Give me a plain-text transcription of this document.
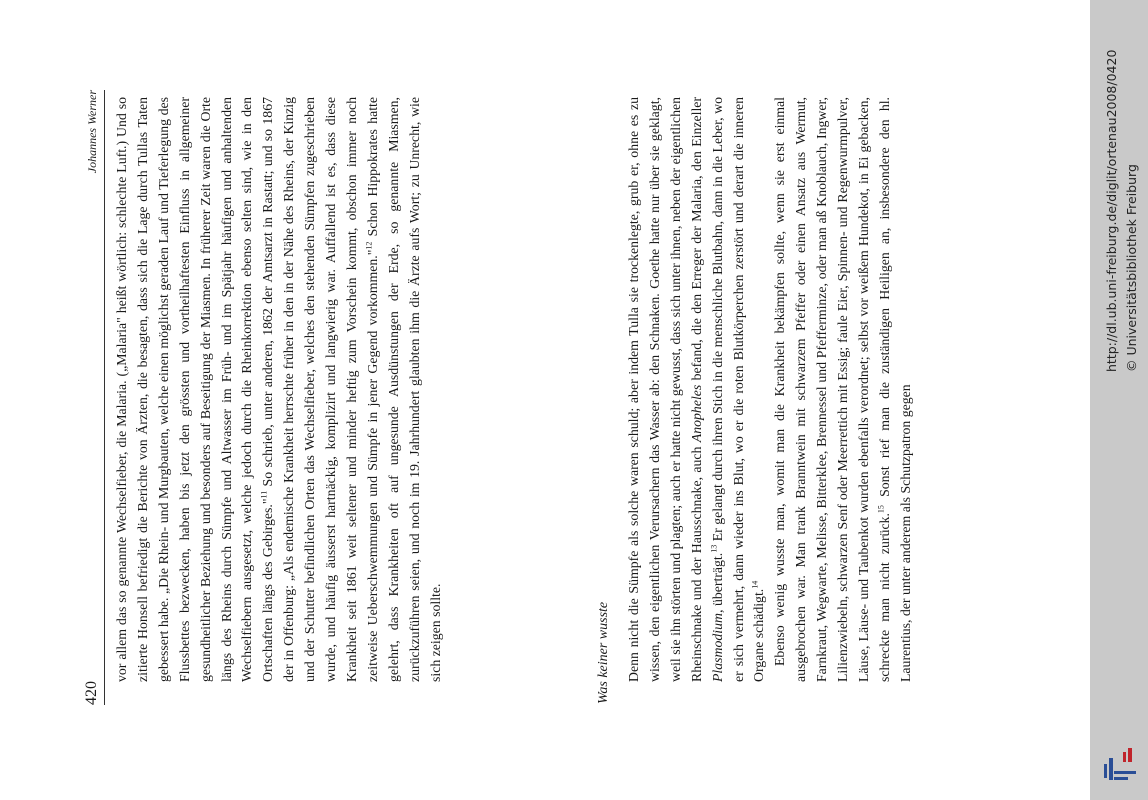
420
Johannes Werner vor allem das so genannte Wechselfieber, die Malaria. („Malaria" heißt wörtlich: schlechte Luft.) Und so zitierte Honsell befriedigt die Berichte von Ärzten, die besagten, dass sich die Lage durch Tullas Taten gebessert habe. „Die Rhein- und Murgbauten, welche einen möglichst geraden Lauf und Tieferlegung des Flussbettes bezwecken, haben bis jetzt den grössten und vortheilhaftesten Einfluss in allgemeiner gesundheitlicher Beziehung und besonders auf Beseitigung der Miasmen. In früherer Zeit waren die Orte längs des Rheins durch Sümpfe und Altwasser im Früh- und im Spätjahr häufigen und anhaltenden Wechselfiebern ausgesetzt, welche jedoch durch die Rheinkorrektion ebenso selten sind, wie in den Ortschaften längs des Gebirges."$^{11}$ So schrieb, unter anderen, 1862 der Amtsarzt in Rastatt; und so 1867 der in Offenburg: „Als endemische Krankheit herrschte früher in den in der Nähe des Rheins, der Kinzig und der Schutter befindlichen Orten das Wechselfieber, welches den stehenden Sümpfen zugeschrieben wurde, und häufig äusserst hartnäckig, komplizirt und langwierig war. Auffallend ist es, dass diese Krankheit seit 1861 weit seltener und minder heftig zum Vorschein kommt, obschon immer noch zeitweise Ueberschwemmungen und Sümpfe in jener Gegend vorkommen."$^{12}$ Schon Hippokrates hatte gelehrt, dass Krankheiten oft auf ungesunde Ausdünstungen der Erde, so genannte Miasmen, zurückzuführen seien, und noch im 19. Jahrhundert glaubten ihm die Ärzte aufs Wort; zu Unrecht, wie sich zeigen sollte.	Was keiner wusste Denn nicht die Sümpfe als solche waren schuld; aber indem Tulla sie trockenlegte, grub er, ohne es zu wissen, den eigentlichen Verursachern das Wasser ab: den Schnaken. Goethe hatte nur über sie geklagt, weil sie ihn störten und plagten; auch er hatte nicht gewusst, dass sich unter ihnen, neben der eigentlichen Rheinschnake und der Hausschnake, auch Anopheles befand, die den Erreger der Malaria, den Einzeller Plasmodium, überträgt.$^{13}$ Er gelangt durch ihren Stich in die menschliche Blutbahn, dann in die Leber, wo er sich vermehrt, dann wieder ins Blut, wo er die roten Blutkörperchen zerstört und derart die inneren Organe schädigt.$^{14}$ Ebenso wenig wusste man, womit man die Krankheit bekämpfen sollte, wenn sie erst einmal ausgebrochen war. Man trank Branntwein mit schwarzem Pfeffer oder einen Ansatz aus Wermut, Farnkraut, Wegwarte, Melisse, Bitterklee, Brennessel und Pfefferminze, oder man aß Knoblauch, Ingwer, Lilienzwiebeln, schwarzen Senf oder Meerrettich mit Essig; faule Eier, Spinnen- und Regenwurmpulver, Läuse, Läuse- und Taubenkot wurden ebenfalls verordnet; selbst vor weißem Hundekot, in Ei gebacken, schreckte man nicht zurück.$^{15}$ Sonst rief man die zuständigen Heiligen an, insbesondere den hl. Laurentius, der unter anderem als Schutzpatron gegen

http://dl.ub.uni-freiburg.de/diglit/ortenau2008/0420 © Universitätsbibliothek Freiburg
